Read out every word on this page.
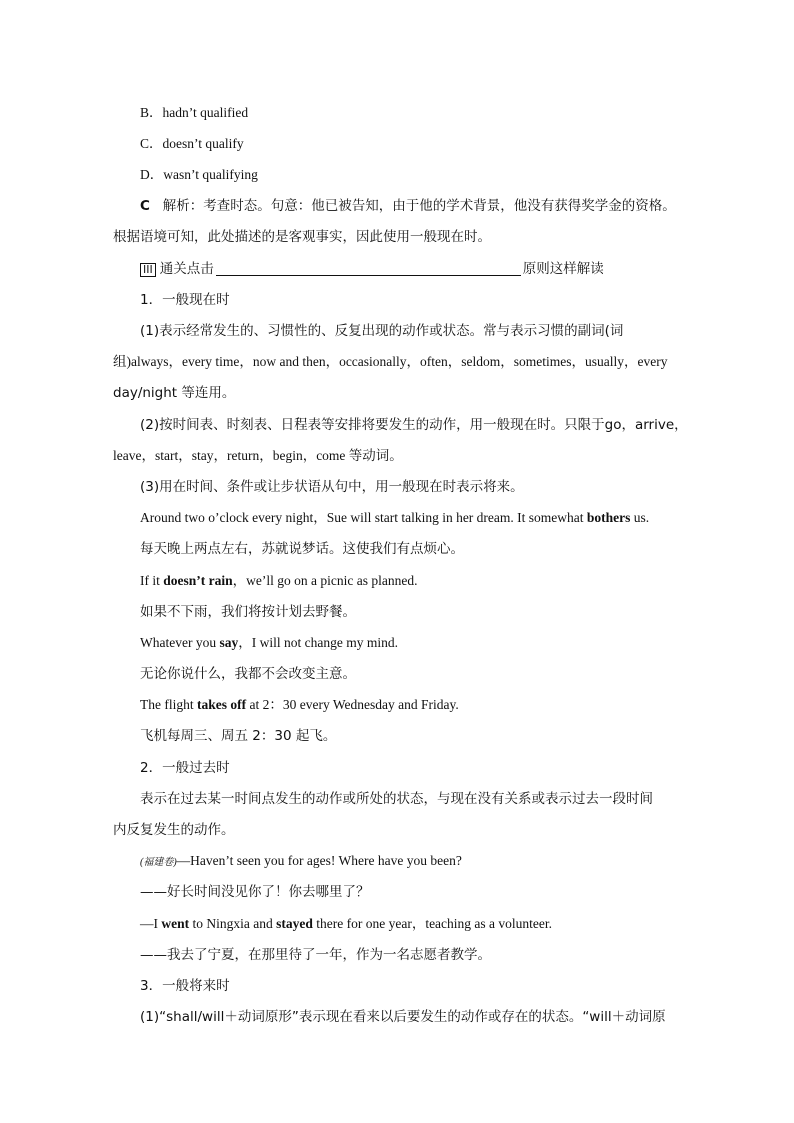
B．hadn’t qualified
C．doesn’t qualify
D．wasn’t qualifying
C 解析：考查时态。句意：他已被告知，由于他的学术背景，他没有获得奖学金的资格。
根据语境可知，此处描述的是客观事实，因此使用一般现在时。
III 通关点击	原则这样解读
1．一般现在时
(1)表示经常发生的、习惯性的、反复出现的动作或状态。常与表示习惯的副词(词
组)always，every time，now and then，occasionally，often，seldom，sometimes，usually，every
day/night 等连用。
(2)按时间表、时刻表、日程表等安排将要发生的动作，用一般现在时。只限于go，arrive，
leave，start，stay，return，begin，come 等动词。
(3)用在时间、条件或让步状语从句中，用一般现在时表示将来。
Around two o’clock every night，Sue will start talking in her dream. It somewhat bothers us.
每天晚上两点左右，苏就说梦话。这使我们有点烦心。
If it doesn’t rain，we’ll go on a picnic as planned.
如果不下雨，我们将按计划去野餐。
Whatever you say，I will not change my mind.
无论你说什么，我都不会改变主意。
The flight takes off at 2：30 every Wednesday and Friday.
飞机每周三、周五 2：30 起飞。
2．一般过去时
表示在过去某一时间点发生的动作或所处的状态，与现在没有关系或表示过去一段时间
内反复发生的动作。
(福建卷)—Haven’t seen you for ages! Where have you been?
——好长时间没见你了！你去哪里了？
—I went to Ningxia and stayed there for one year，teaching as a volunteer.
——我去了宁夏，在那里待了一年，作为一名志愿者教学。
3．一般将来时
(1)“shall/will＋动词原形”表示现在看来以后要发生的动作或存在的状态。“will＋动词原
